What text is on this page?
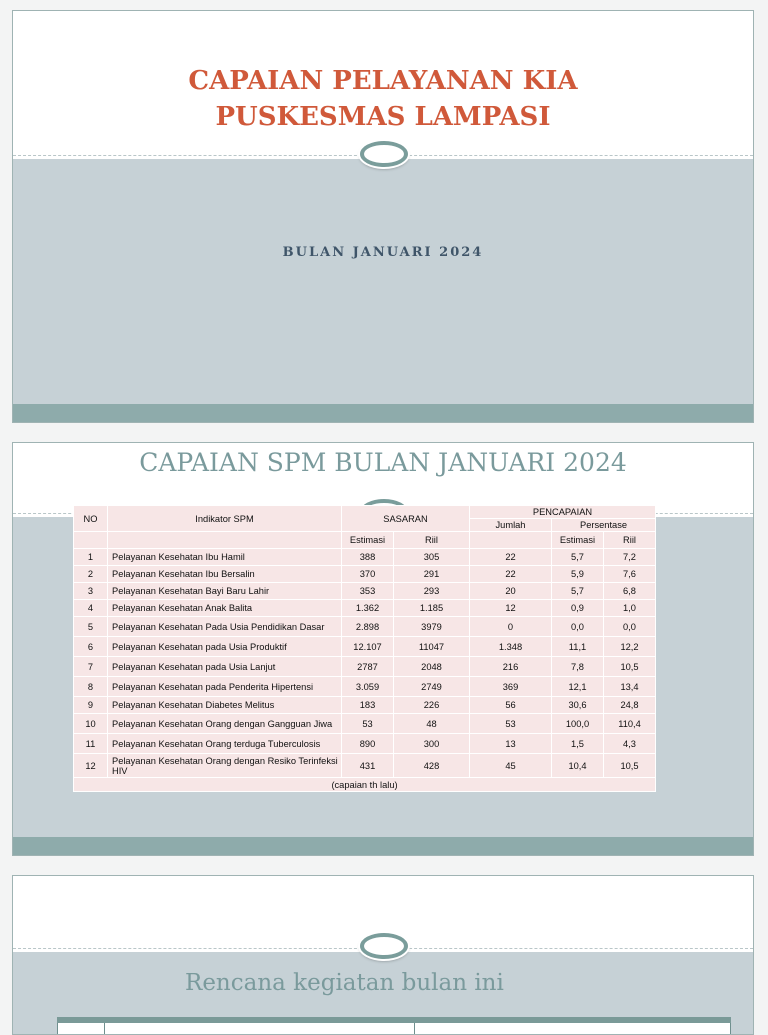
CAPAIAN PELAYANAN KIA
PUSKESMAS LAMPASI
BULAN JANUARI 2024
CAPAIAN SPM BULAN JANUARI 2024
NO	Indikator SPM	SASARAN		PENCAPAIAN		
				Jumlah	Persentase	
		Estimasi	Riil		Estimasi	Riil
1	Pelayanan Kesehatan Ibu Hamil	388	305	22	5,7	7,2
2	Pelayanan Kesehatan Ibu Bersalin	370	291	22	5,9	7,6
3	Pelayanan Kesehatan Bayi Baru Lahir	353	293	20	5,7	6,8
4	Pelayanan Kesehatan Anak Balita	1.362	1.185	12	0,9	1,0
5	Pelayanan Kesehatan Pada Usia Pendidikan Dasar	2.898	3979	0	0,0	0,0
6	Pelayanan Kesehatan pada Usia Produktif	12.107	11047	1.348	11,1	12,2
7	Pelayanan Kesehatan pada Usia Lanjut	2787	2048	216	7,8	10,5
8	Pelayanan Kesehatan pada Penderita Hipertensi	3.059	2749	369	12,1	13,4
9	Pelayanan Kesehatan Diabetes Melitus	183	226	56	30,6	24,8
10	Pelayanan Kesehatan Orang dengan Gangguan Jiwa	53	48	53	100,0	110,4
11	Pelayanan Kesehatan Orang terduga Tuberculosis	890	300	13	1,5	4,3
12	Pelayanan Kesehatan Orang dengan Resiko Terinfeksi HIV	431	428	45	10,4	10,5
(capaian th lalu)						
Rencana kegiatan bulan ini
